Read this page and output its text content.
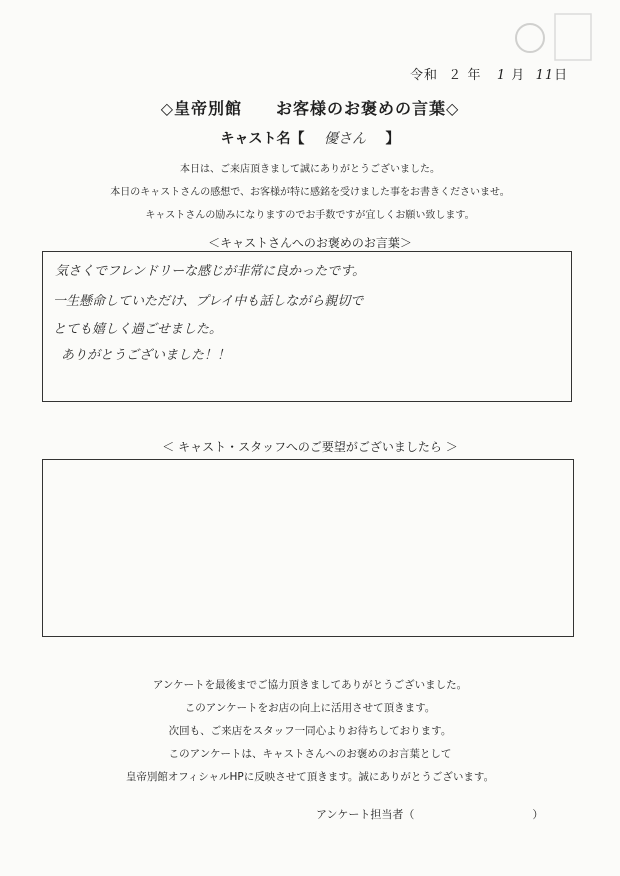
令和 ２ 年 1 月 11日
◇皇帝別館　　お客様のお褒めの言葉◇
キャスト名【 優さん 】
本日は、ご来店頂きまして誠にありがとうございました。
本日のキャストさんの感想で、お客様が特に感銘を受けました事をお書きくださいませ。
キャストさんの励みになりますのでお手数ですが宜しくお願い致します。
＜キャストさんへのお褒めのお言葉＞
気さくでフレンドリーな感じが非常に良かったです。
一生懸命していただけ、プレイ中も話しながら親切で
とても嬉しく過ごせました。
ありがとうございました！！
＜ キャスト・スタッフへのご要望がございましたら ＞
アンケートを最後までご協力頂きましてありがとうございました。
このアンケートをお店の向上に活用させて頂きます。
次回も、ご来店をスタッフ一同心よりお待ちしております。
このアンケートは、キャストさんへのお褒めのお言葉として
皇帝別館オフィシャルHPに反映させて頂きます。誠にありがとうございます。
アンケート担当者（	）
